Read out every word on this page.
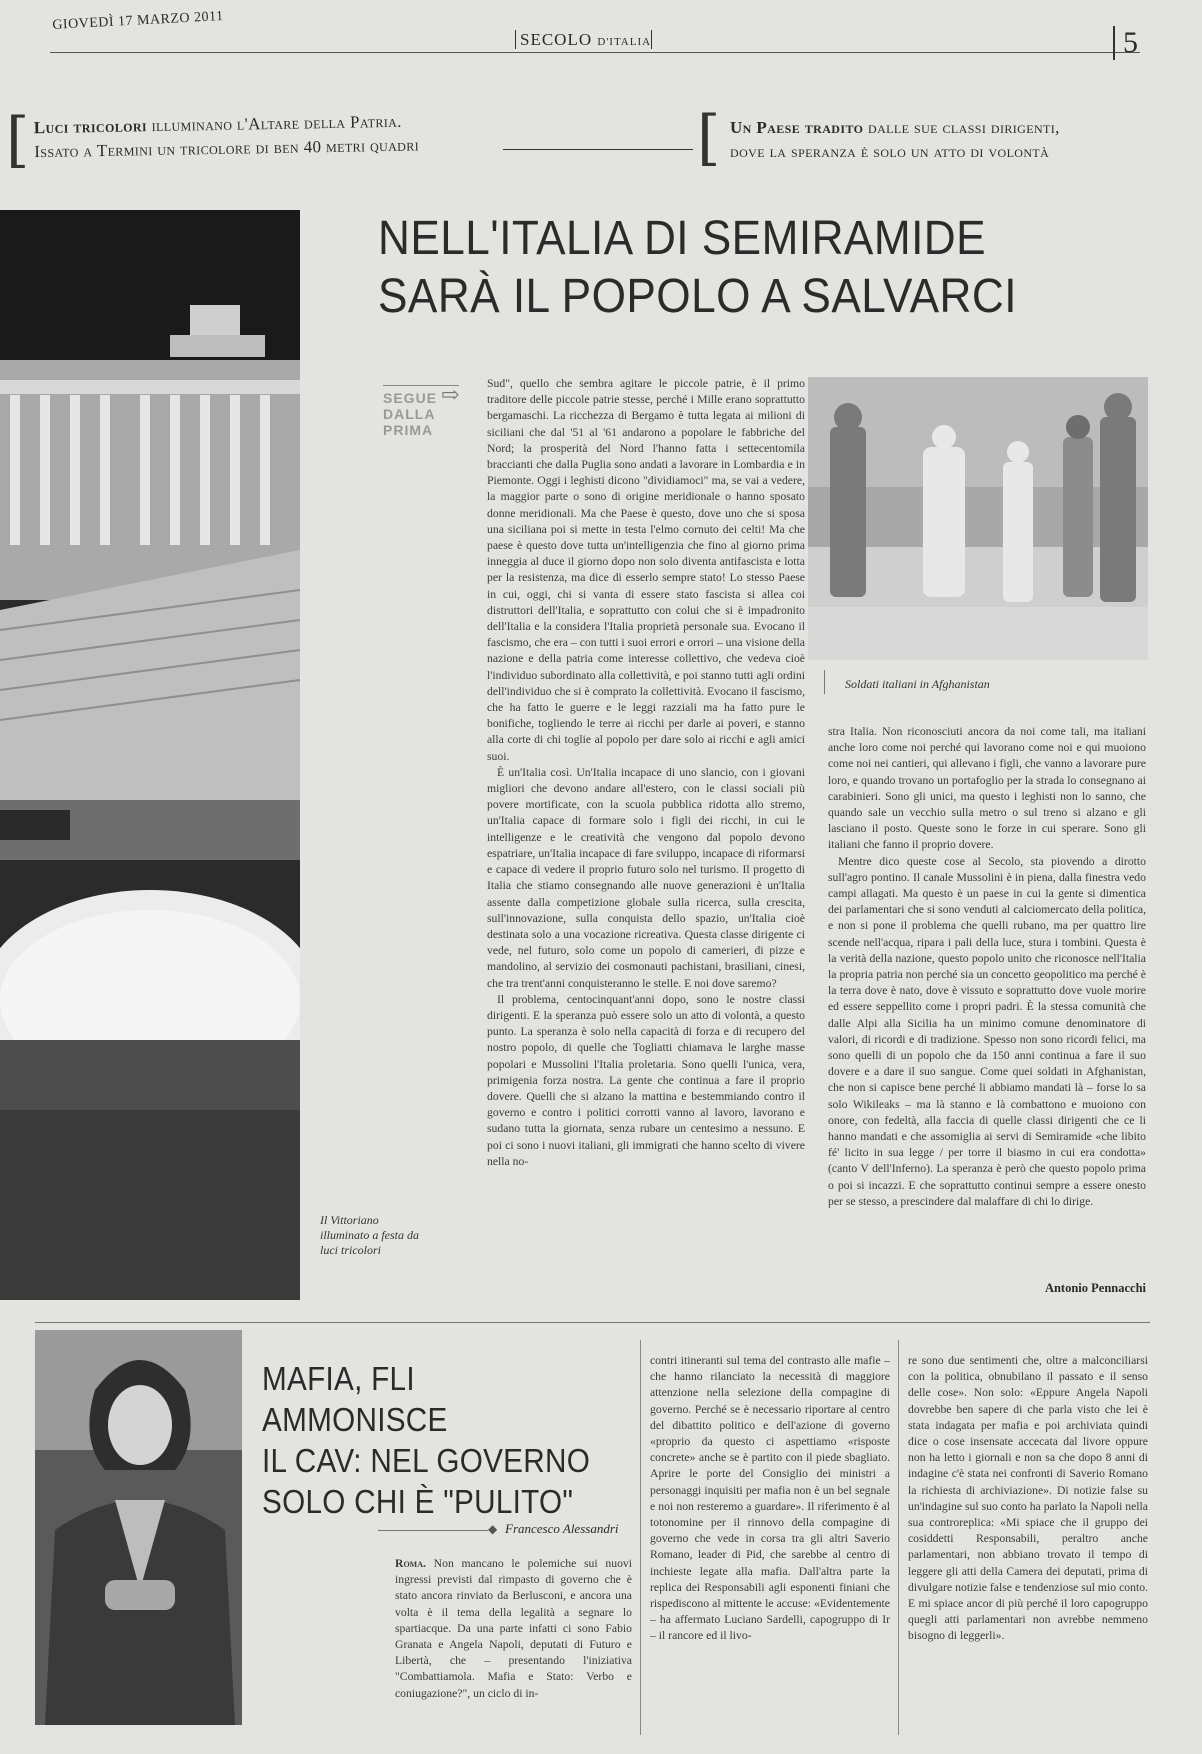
GIOVEDÌ 17 MARZO 2011
SECOLO D'ITALIA	5
[ Luci tricolori illuminano l'Altare della Patria.
Issato a Termini un tricolore di ben 40 metri quadri	[ Un Paese tradito dalle sue classi dirigenti,
dove la speranza è solo un atto di volontà
Il Vittoriano illuminato a festa da luci tricolori
NELL'ITALIA DI SEMIRAMIDE
SARÀ IL POPOLO A SALVARCI
SEGUE DALLA PRIMA
⇨
Soldati italiani in Afghanistan

Sud", quello che sembra agitare le piccole patrie, è il primo traditore delle piccole patrie stesse, perché i Mille erano soprattutto bergamaschi. La ricchezza di Bergamo è tutta legata ai milioni di siciliani che dal '51 al '61 andarono a popolare le fabbriche del Nord; la prosperità del Nord l'hanno fatta i settecentomila braccianti che dalla Puglia sono andati a lavorare in Lombardia e in Piemonte. Oggi i leghisti dicono "dividiamoci" ma, se vai a vedere, la maggior parte o sono di origine meridionale o hanno sposato donne meridionali. Ma che Paese è questo, dove uno che si sposa una siciliana poi si mette in testa l'elmo cornuto dei celti! Ma che paese è questo dove tutta un'intelligenzia che fino al giorno prima inneggia al duce il giorno dopo non solo diventa antifascista e lotta per la resistenza, ma dice di esserlo sempre stato! Lo stesso Paese in cui, oggi, chi si vanta di essere stato fascista si allea coi distruttori dell'Italia, e soprattutto con colui che si è impadronito dell'Italia e la considera l'Italia proprietà personale sua. Evocano il fascismo, che era – con tutti i suoi errori e orrori – una visione della nazione e della patria come interesse collettivo, che vedeva cioè l'individuo subordinato alla collettività, e poi stanno tutti agli ordini dell'individuo che si è comprato la collettività. Evocano il fascismo, che ha fatto le guerre e le leggi razziali ma ha fatto pure le bonifiche, togliendo le terre ai ricchi per darle ai poveri, e stanno alla corte di chi toglie al popolo per dare solo ai ricchi e agli amici suoi.

È un'Italia così. Un'Italia incapace di uno slancio, con i giovani migliori che devono andare all'estero, con le classi sociali più povere mortificate, con la scuola pubblica ridotta allo stremo, un'Italia capace di formare solo i figli dei ricchi, in cui le intelligenze e le creatività che vengono dal popolo devono espatriare, un'Italia incapace di fare sviluppo, incapace di riformarsi e capace di vedere il proprio futuro solo nel turismo. Il progetto di Italia che stiamo consegnando alle nuove generazioni è un'Italia assente dalla competizione globale sulla ricerca, sulla crescita, sull'innovazione, sulla conquista dello spazio, un'Italia cioè destinata solo a una vocazione ricreativa. Questa classe dirigente ci vede, nel futuro, solo come un popolo di camerieri, di pizze e mandolino, al servizio dei cosmonauti pachistani, brasiliani, cinesi, che tra trent'anni conquisteranno le stelle. E noi dove saremo?

Il problema, centocinquant'anni dopo, sono le nostre classi dirigenti. E la speranza può essere solo un atto di volontà, a questo punto. La speranza è solo nella capacità di forza e di recupero del nostro popolo, di quelle che Togliatti chiamava le larghe masse popolari e Mussolini l'Italia proletaria. Sono quelli l'unica, vera, primigenia forza nostra. La gente che continua a fare il proprio dovere. Quelli che si alzano la mattina e bestemmiando contro il governo e contro i politici corrotti vanno al lavoro, lavorano e sudano tutta la giornata, senza rubare un centesimo a nessuno. E poi ci sono i nuovi italiani, gli immigrati che hanno scelto di vivere nella no-

stra Italia. Non riconosciuti ancora da noi come tali, ma italiani anche loro come noi perché qui lavorano come noi e qui muoiono come noi nei cantieri, qui allevano i figli, che vanno a lavorare pure loro, e quando trovano un portafoglio per la strada lo consegnano ai carabinieri. Sono gli unici, ma questo i leghisti non lo sanno, che quando sale un vecchio sulla metro o sul treno si alzano e gli lasciano il posto. Queste sono le forze in cui sperare. Sono gli italiani che fanno il proprio dovere.

Mentre dico queste cose al Secolo, sta piovendo a dirotto sull'agro pontino. Il canale Mussolini è in piena, dalla finestra vedo campi allagati. Ma questo è un paese in cui la gente si dimentica dei parlamentari che si sono venduti al calciomercato della politica, e non si pone il problema che quelli rubano, ma per quattro lire scende nell'acqua, ripara i pali della luce, stura i tombini. Questa è la verità della nazione, questo popolo unito che riconosce nell'Italia la propria patria non perché sia un concetto geopolitico ma perché è la terra dove è nato, dove è vissuto e soprattutto dove vuole morire ed essere seppellito come i propri padri. È la stessa comunità che dalle Alpi alla Sicilia ha un minimo comune denominatore di valori, di ricordi e di tradizione. Spesso non sono ricordi felici, ma sono quelli di un popolo che da 150 anni continua a fare il suo dovere e a dare il suo sangue. Come quei soldati in Afghanistan, che non si capisce bene perché li abbiamo mandati là – forse lo sa solo Wikileaks – ma là stanno e là combattono e muoiono con onore, con fedeltà, alla faccia di quelle classi dirigenti che ce li hanno mandati e che assomiglia ai servi di Semiramide «che libito fé' licito in sua legge / per torre il biasmo in cui era condotta» (canto V dell'Inferno). La speranza è però che questo popolo prima o poi si incazzi. E che soprattutto continui sempre a essere onesto per se stesso, a prescindere dal malaffare di chi lo dirige.

Antonio Pennacchi
MAFIA, FLI AMMONISCE
IL CAV: NEL GOVERNO
SOLO CHI È "PULITO"
◆ Francesco Alessandri

Roma. Non mancano le polemiche sui nuovi ingressi previsti dal rimpasto di governo che è stato ancora rinviato da Berlusconi, e ancora una volta è il tema della legalità a segnare lo spartiacque. Da una parte infatti ci sono Fabio Granata e Angela Napoli, deputati di Futuro e Libertà, che – presentando l'iniziativa "Combattiamola. Mafia e Stato: Verbo e coniugazione?", un ciclo di in-

contri itineranti sul tema del contrasto alle mafie – che hanno rilanciato la necessità di maggiore attenzione nella selezione della compagine di governo. Perché se è necessario riportare al centro del dibattito politico e dell'azione di governo «proprio da questo ci aspettiamo «risposte concrete» anche se è partito con il piede sbagliato. Aprire le porte del Consiglio dei ministri a personaggi inquisiti per mafia non è un bel segnale e noi non resteremo a guardare». Il riferimento è al totonomine per il rinnovo della compagine di governo che vede in corsa tra gli altri Saverio Romano, leader di Pid, che sarebbe al centro di inchieste legate alla mafia. Dall'altra parte la replica dei Responsabili agli esponenti finiani che rispediscono al mittente le accuse: «Evidentemente – ha affermato Luciano Sardelli, capogruppo di Ir – il rancore ed il livo-

re sono due sentimenti che, oltre a malconciliarsi con la politica, obnubilano il passato e il senso delle cose». Non solo: «Eppure Angela Napoli dovrebbe ben sapere di che parla visto che lei è stata indagata per mafia e poi archiviata quindi dice o cose insensate accecata dal livore oppure non ha letto i giornali e non sa che dopo 8 anni di indagine c'è stata nei confronti di Saverio Romano la richiesta di archiviazione». Di notizie false su un'indagine sul suo conto ha parlato la Napoli nella sua controreplica: «Mi spiace che il gruppo dei cosiddetti Responsabili, peraltro anche parlamentari, non abbiano trovato il tempo di leggere gli atti della Camera dei deputati, prima di divulgare notizie false e tendenziose sul mio conto. E mi spiace ancor di più perché il loro capogruppo quegli atti parlamentari non avrebbe nemmeno bisogno di leggerli».
